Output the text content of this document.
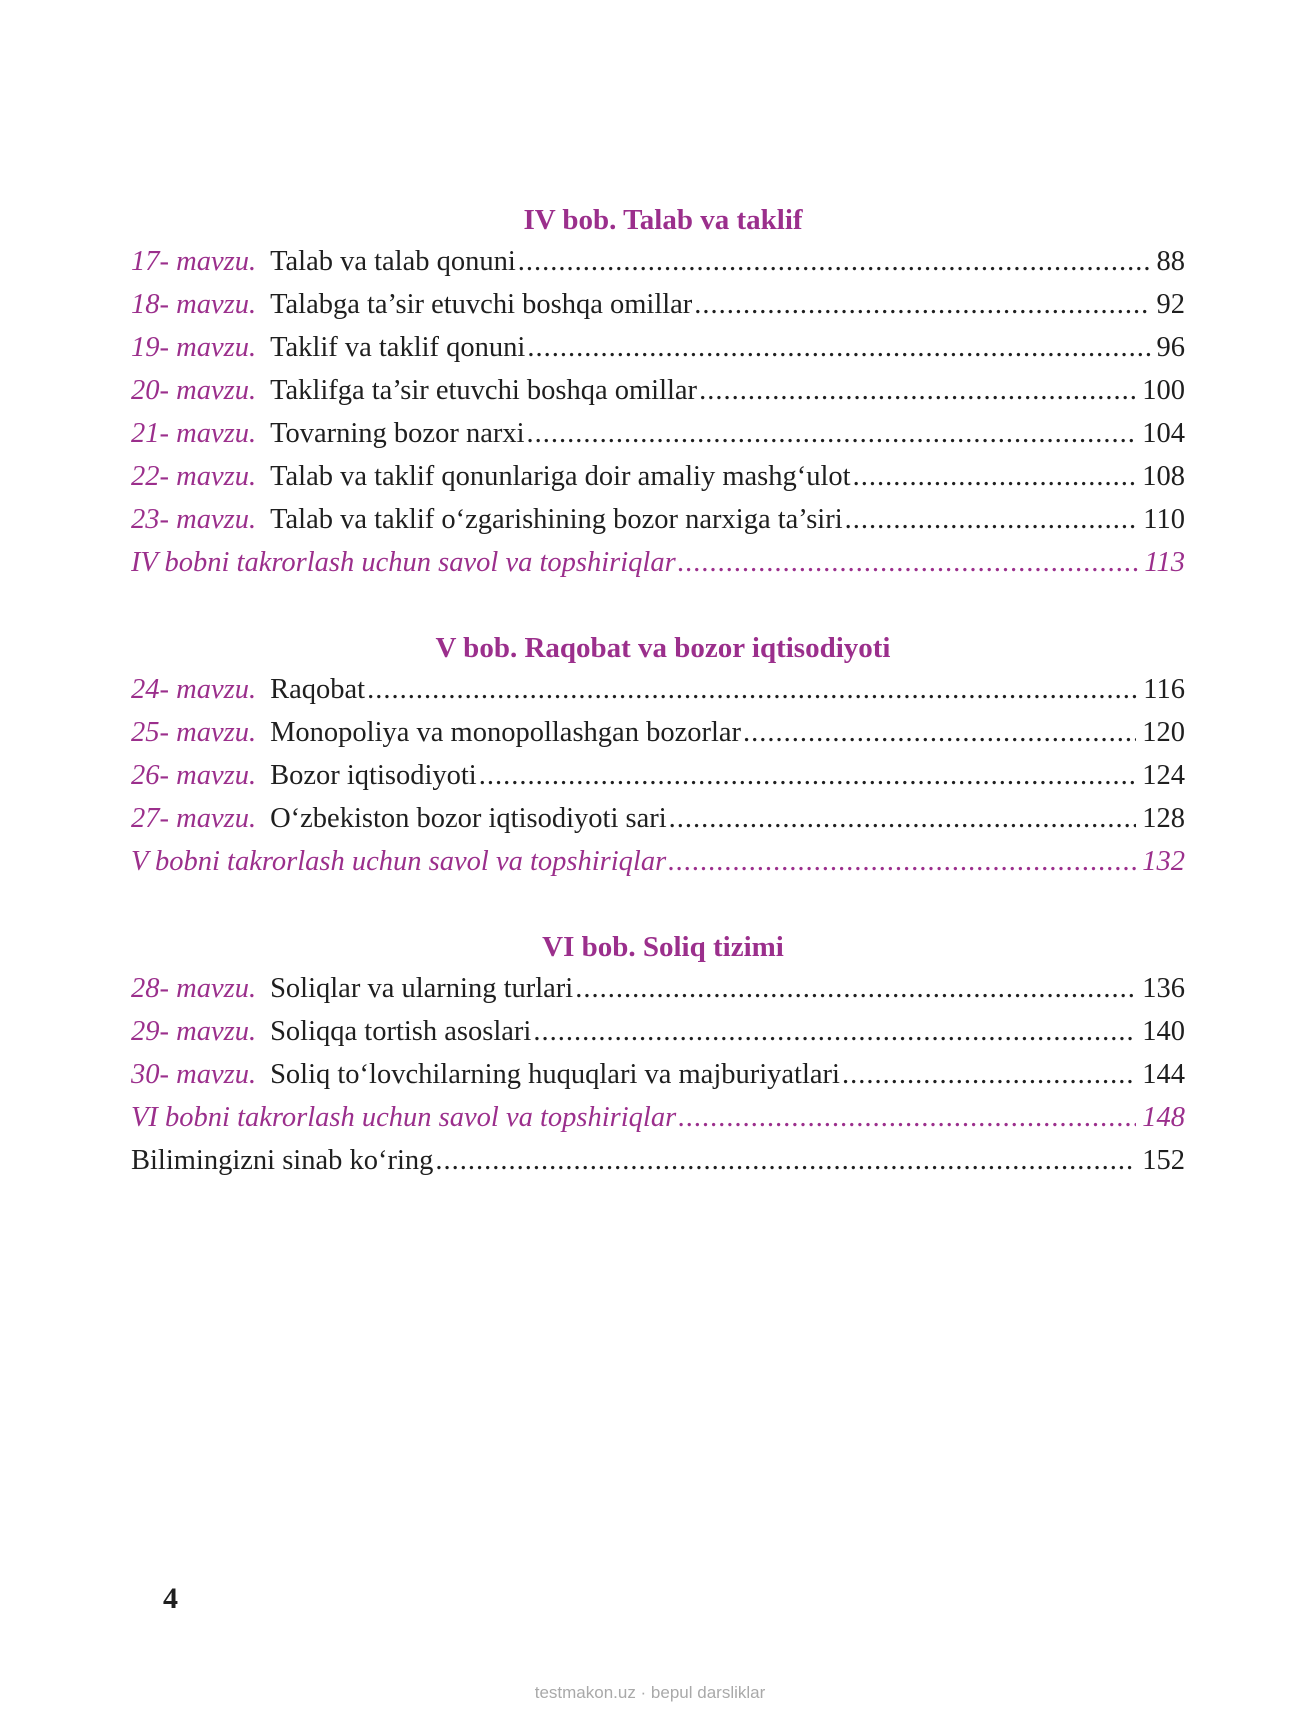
IV bob. Talab va taklif
17- mavzu. Talab va talab qonuni .....	88
18- mavzu. Talabga ta’sir etuvchi boshqa omillar .....	92
19- mavzu. Taklif va taklif qonuni .....	96
20- mavzu. Taklifga ta’sir etuvchi boshqa omillar .....	100
21- mavzu. Tovarning bozor narxi .....	104
22- mavzu. Talab va taklif qonunlariga doir amaliy mashg‘ulot .....	108
23- mavzu. Talab va taklif o‘zgarishining bozor narxiga ta’siri .....	110
IV bobni takrorlash uchun savol va topshiriqlar .....	113
V bob. Raqobat va bozor iqtisodiyoti
24- mavzu. Raqobat .....	116
25- mavzu. Monopoliya va monopollashgan bozorlar .....	120
26- mavzu. Bozor iqtisodiyoti .....	124
27- mavzu. O‘zbekiston bozor iqtisodiyoti sari .....	128
V bobni takrorlash uchun savol va topshiriqlar .....	132
VI bob. Soliq tizimi
28- mavzu. Soliqlar va ularning turlari .....	136
29- mavzu. Soliqqa tortish asoslari .....	140
30- mavzu. Soliq to‘lovchilarning huquqlari va majburiyatlari .....	144
VI bobni takrorlash uchun savol va topshiriqlar .....	148
Bilimingizni sinab ko‘ring .....	152
4
testmakon.uz · bepul darsliklar
